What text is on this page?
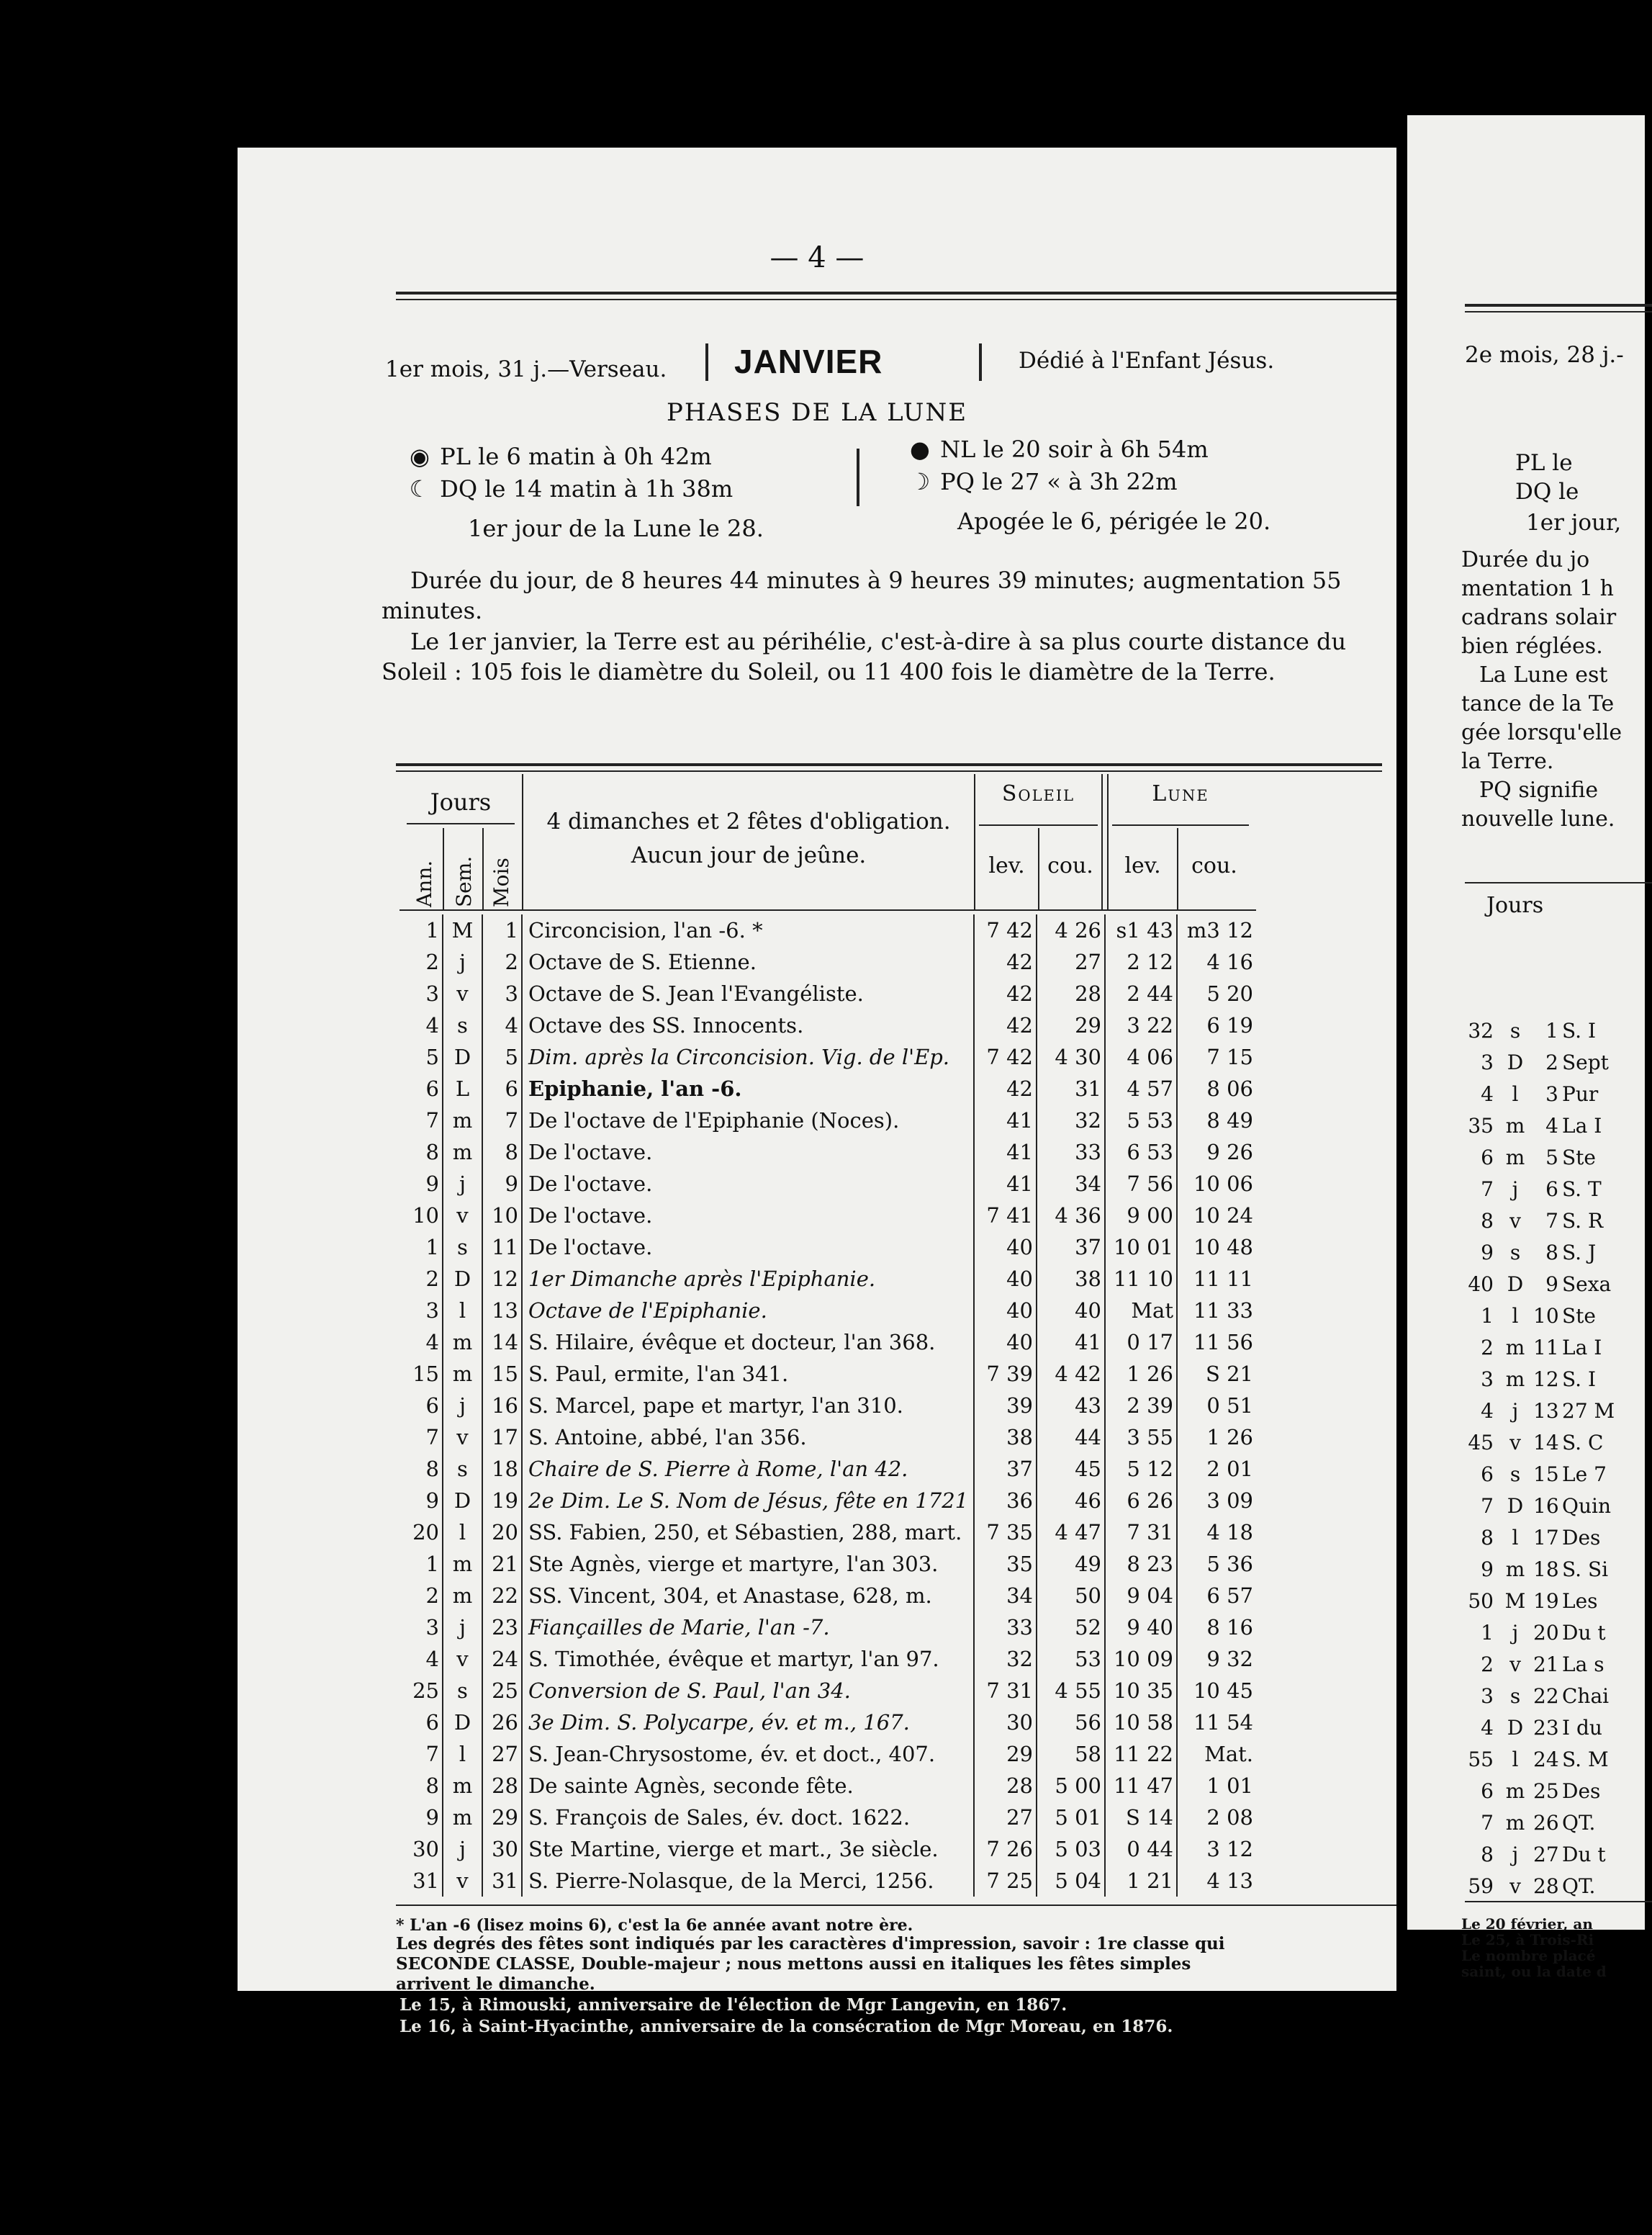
— 4 —
1er mois, 31 j.—Verseau. JANVIER	Dédié à l'Enfant Jésus.
PHASES DE LA LUNE
◉ PL le 6 matin à 0h 42m
☾ DQ le 14 matin à 1h 38m
1er jour de la Lune le 28.
● NL le 20 soir à 6h 54m
☽ PQ le 27 « à 3h 22m
Apogée le 6, périgée le 20.
Durée du jour, de 8 heures 44 minutes à 9 heures 39 minutes; augmentation 55 minutes.
Le 1er janvier, la Terre est au périhélie, c'est-à-dire à sa plus courte distance du Soleil : 105 fois le diamètre du Soleil, ou 11 400 fois le diamètre de la Terre.
Jours
Ann. Sem. Mois
4 dimanches et 2 fêtes d'obligation.
Aucun jour de jeûne.
Soleil
lev.	cou.
Lune
lev.	cou.
1	M	1	Circoncision, l'an -6. *	7 42	4 26	s1 43	m3 12
2	j	2	Octave de S. Etienne.	42	27	2 12	4 16
3	v	3	Octave de S. Jean l'Evangéliste.	42	28	2 44	5 20
4	s	4	Octave des SS. Innocents.	42	29	3 22	6 19
5	D	5	Dim. après la Circoncision. Vig. de l'Ep.	7 42	4 30	4 06	7 15
6	L	6	Epiphanie, l'an -6.	42	31	4 57	8 06
7	m	7	De l'octave de l'Epiphanie (Noces).	41	32	5 53	8 49
8	m	8	De l'octave.	41	33	6 53	9 26
9	j	9	De l'octave.	41	34	7 56	10 06
10	v	10	De l'octave.	7 41	4 36	9 00	10 24
1	s	11	De l'octave.	40	37	10 01	10 48
2	D	12	1er Dimanche après l'Epiphanie.	40	38	11 10	11 11
3	l	13	Octave de l'Epiphanie.	40	40	Mat	11 33
4	m	14	S. Hilaire, évêque et docteur, l'an 368.	40	41	0 17	11 56
15	m	15	S. Paul, ermite, l'an 341.	7 39	4 42	1 26	S 21
6	j	16	S. Marcel, pape et martyr, l'an 310.	39	43	2 39	0 51
7	v	17	S. Antoine, abbé, l'an 356.	38	44	3 55	1 26
8	s	18	Chaire de S. Pierre à Rome, l'an 42.	37	45	5 12	2 01
9	D	19	2e Dim. Le S. Nom de Jésus, fête en 1721	36	46	6 26	3 09
20	l	20	SS. Fabien, 250, et Sébastien, 288, mart.	7 35	4 47	7 31	4 18
1	m	21	Ste Agnès, vierge et martyre, l'an 303.	35	49	8 23	5 36
2	m	22	SS. Vincent, 304, et Anastase, 628, m.	34	50	9 04	6 57
3	j	23	Fiançailles de Marie, l'an -7.	33	52	9 40	8 16
4	v	24	S. Timothée, évêque et martyr, l'an 97.	32	53	10 09	9 32
25	s	25	Conversion de S. Paul, l'an 34.	7 31	4 55	10 35	10 45
6	D	26	3e Dim. S. Polycarpe, év. et m., 167.	30	56	10 58	11 54
7	l	27	S. Jean-Chrysostome, év. et doct., 407.	29	58	11 22	Mat.
8	m	28	De sainte Agnès, seconde fête.	28	5 00	11 47	1 01
9	m	29	S. François de Sales, év. doct. 1622.	27	5 01	S 14	2 08
30	j	30	Ste Martine, vierge et mart., 3e siècle.	7 26	5 03	0 44	3 12
31	v	31	S. Pierre-Nolasque, de la Merci, 1256.	7 25	5 04	1 21	4 13
* L'an -6 (lisez moins 6), c'est la 6e année avant notre ère.
Les degrés des fêtes sont indiqués par les caractères d'impression, savoir : 1re classe qui
SECONDE CLASSE, Double-majeur ; nous mettons aussi en italiques les fêtes simples
arrivent le dimanche.
Le 15, à Rimouski, anniversaire de l'élection de Mgr Langevin, en 1867.
Le 16, à Saint-Hyacinthe, anniversaire de la consécration de Mgr Moreau, en 1876.
2e mois, 28 j.-
PL le
DQ le
1er jour,
Durée du jo
mentation 1 h
cadrans solair
bien réglées.
La Lune est
tance de la Te
gée lorsqu'elle
la Terre.
PQ signifie
nouvelle lune.
Jours
32 s	1 S. I
3 D	2 Sept
4 l	3 Pur
35 m	4 La I
6 m	5 Ste
7 j	6 S. T
8 v	7 S. R
9 s	8 S. J
40 D	9 Sexa
1 l 10 Ste
2 m 11 La I
3 m 12 S. I
4 j 13 27 M
45 v 14 S. C
6 s 15 Le 7
7 D 16 Quin
8 l 17 Des
9 m 18 S. Si
50 M 19 Les
1 j 20 Du t
2 v 21 La s
3 s 22 Chai
4 D 23 I du
55 l 24 S. M
6 m 25 Des
7 m 26 QT.
8 j 27 Du t
59 v 28 QT.
Le 20 février, an
Le 25, à Trois-Ri
Le nombre placé
saint, ou la date d
